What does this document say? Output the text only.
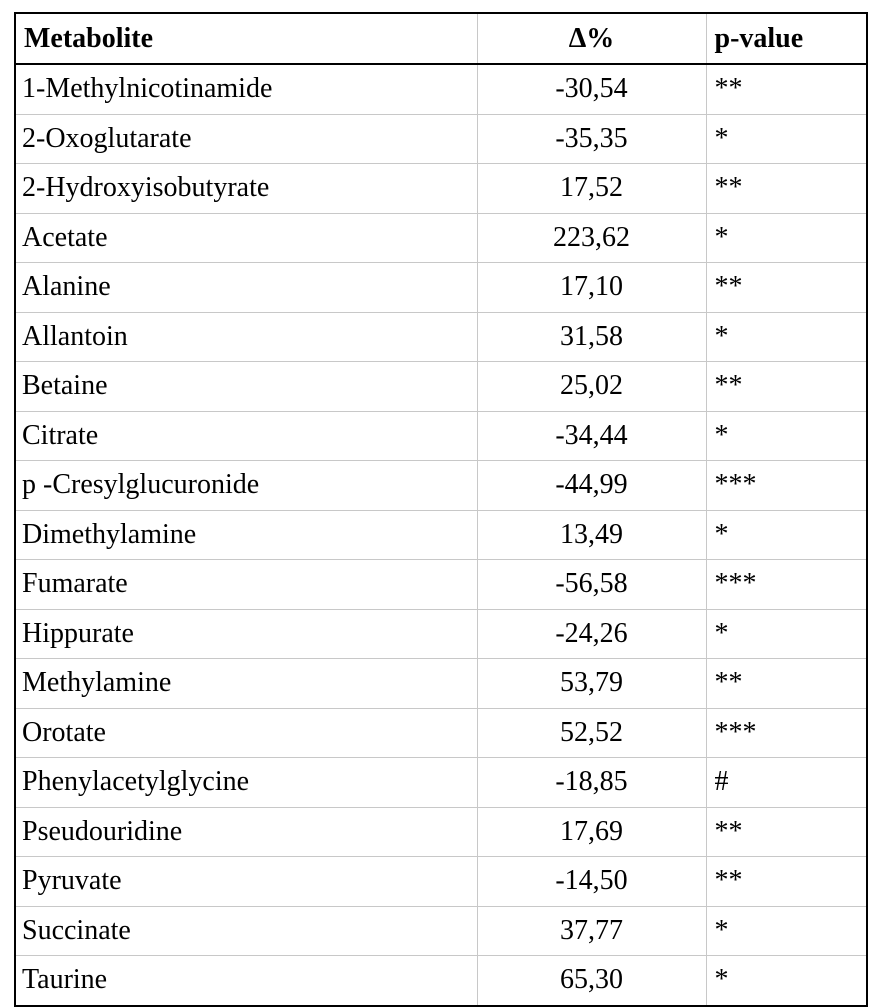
Metabolite	Δ%	p-value
1-Methylnicotinamide	-30,54	**
2-Oxoglutarate	-35,35	*
2-Hydroxyisobutyrate	17,52	**
Acetate	223,62	*
Alanine	17,10	**
Allantoin	31,58	*
Betaine	25,02	**
Citrate	-34,44	*
p -Cresylglucuronide	-44,99	***
Dimethylamine	13,49	*
Fumarate	-56,58	***
Hippurate	-24,26	*
Methylamine	53,79	**
Orotate	52,52	***
Phenylacetylglycine	-18,85	#
Pseudouridine	17,69	**
Pyruvate	-14,50	**
Succinate	37,77	*
Taurine	65,30	*
